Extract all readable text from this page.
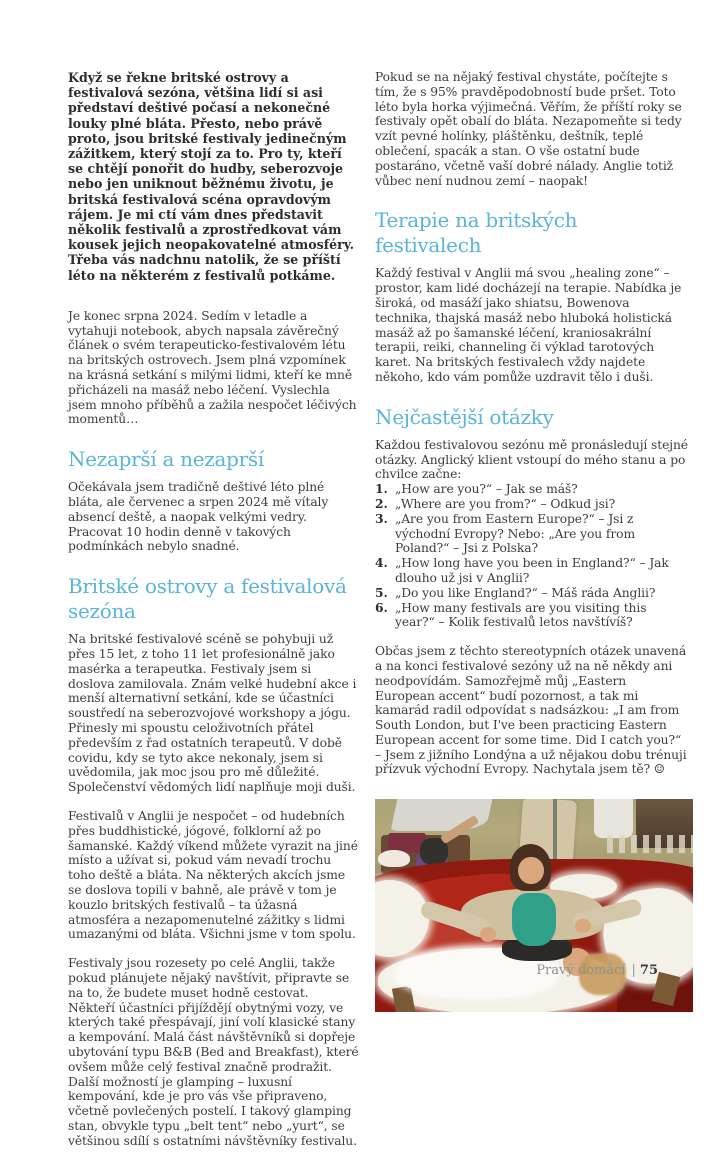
Když se řekne britské ostrovy a festivalová sezóna, většina lidí si asi představí deštivé počasí a nekonečné louky plné bláta. Přesto, nebo právě proto, jsou britské festivaly jedinečným zážitkem, který stojí za to. Pro ty, kteří se chtějí ponořit do hudby, seberozvoje nebo jen uniknout běžnému životu, je britská festivalová scéna opravdovým rájem. Je mi ctí vám dnes představit několik festivalů a zprostředkovat vám kousek jejich neopakovatelné atmosféry. Třeba vás nadchnu natolik, že se příští léto na některém z festivalů potkáme.

Je konec srpna 2024. Sedím v letadle a vytahuji notebook, abych napsala závěrečný článek o svém terapeuticko-festivalovém létu na britských ostrovech. Jsem plná vzpomínek na krásná setkání s milými lidmi, kteří ke mně přicházeli na masáž nebo léčení. Vyslechla jsem mnoho příběhů a zažila nespočet léčivých momentů…

Nezaprší a nezaprší

Očekávala jsem tradičně deštivé léto plné bláta, ale červenec a srpen 2024 mě vítaly absencí deště, a naopak velkými vedry. Pracovat 10 hodin denně v takových podmínkách nebylo snadné.

Britské ostrovy a festivalová sezóna

Na britské festivalové scéně se pohybuji už přes 15 let, z toho 11 let profesionálně jako masérka a terapeutka. Festivaly jsem si doslova zamilovala. Znám velké hudební akce i menší alternativní setkání, kde se účastníci soustředí na seberozvojové workshopy a jógu. Přinesly mi spoustu celoživotních přátel především z řad ostatních terapeutů. V době covidu, kdy se tyto akce nekonaly, jsem si uvědomila, jak moc jsou pro mě důležité. Společenství vědomých lidí naplňuje moji duši.

Festivalů v Anglii je nespočet – od hudebních přes buddhistické, jógové, folklorní až po šamanské. Každý víkend můžete vyrazit na jiné místo a užívat si, pokud vám nevadí trochu toho deště a bláta. Na některých akcích jsme se doslova topili v bahně, ale právě v tom je kouzlo britských festivalů – ta úžasná atmosféra a nezapomenutelné zážitky s lidmi umazanými od bláta. Všichni jsme v tom spolu.

Festivaly jsou rozesety po celé Anglii, takže pokud plánujete nějaký navštívit, připravte se na to, že budete muset hodně cestovat. Někteří účastníci přijíždějí obytnými vozy, ve kterých také přespávají, jiní volí klasické stany a kempování. Malá část návštěvníků si dopřeje ubytování typu B&B (Bed and Breakfast), které ovšem může celý festival značně prodražit. Další možností je glamping – luxusní kempování, kde je pro vás vše připraveno, včetně povlečených postelí. I takový glamping stan, obvykle typu „belt tent“ nebo „yurt“, se většinou sdílí s ostatními návštěvníky festivalu.

Pokud se na nějaký festival chystáte, počítejte s tím, že s 95% pravděpodobností bude pršet. Toto léto byla horka výjimečná. Věřím, že příští roky se festivaly opět obalí do bláta. Nezapomeňte si tedy vzít pevné holínky, pláštěnku, deštník, teplé oblečení, spacák a stan. O vše ostatní bude postaráno, včetně vaší dobré nálady. Anglie totiž vůbec není nudnou zemí – naopak!

Terapie na britských festivalech

Každý festival v Anglii má svou „healing zone“ – prostor, kam lidé docházejí na terapie. Nabídka je široká, od masáží jako shiatsu, Bowenova technika, thajská masáž nebo hluboká holistická masáž až po šamanské léčení, kraniosakrální terapii, reiki, channeling či výklad tarotových karet. Na britských festivalech vždy najdete někoho, kdo vám pomůže uzdravit tělo i duši.

Nejčastější otázky

Každou festivalovou sezónu mě pronásledují stejné otázky. Anglický klient vstoupí do mého stanu a po chvilce začne:

1. „How are you?“ – Jak se máš?
2. „Where are you from?“ – Odkud jsi?
3. „Are you from Eastern Europe?“ – Jsi z východní Evropy? Nebo: „Are you from Poland?“ – Jsi z Polska?
4. „How long have you been in England?“ – Jak dlouho už jsi v Anglii?
5. „Do you like England?“ – Máš ráda Anglii?
6. „How many festivals are you visiting this year?“ – Kolik festivalů letos navštívíš?

Občas jsem z těchto stereotypních otázek unavená a na konci festivalové sezóny už na ně někdy ani neodpovídám. Samozřejmě můj „Eastern European accent“ budí pozornost, a tak mi kamarád radil odpovídat s nadsázkou: „I am from South London, but I've been practicing Eastern European accent for some time. Did I catch you?“ – Jsem z jižního Londýna a už nějakou dobu trénuji přízvuk východní Evropy. Nachytala jsem tě? ☺

Pravý domácí | 75
